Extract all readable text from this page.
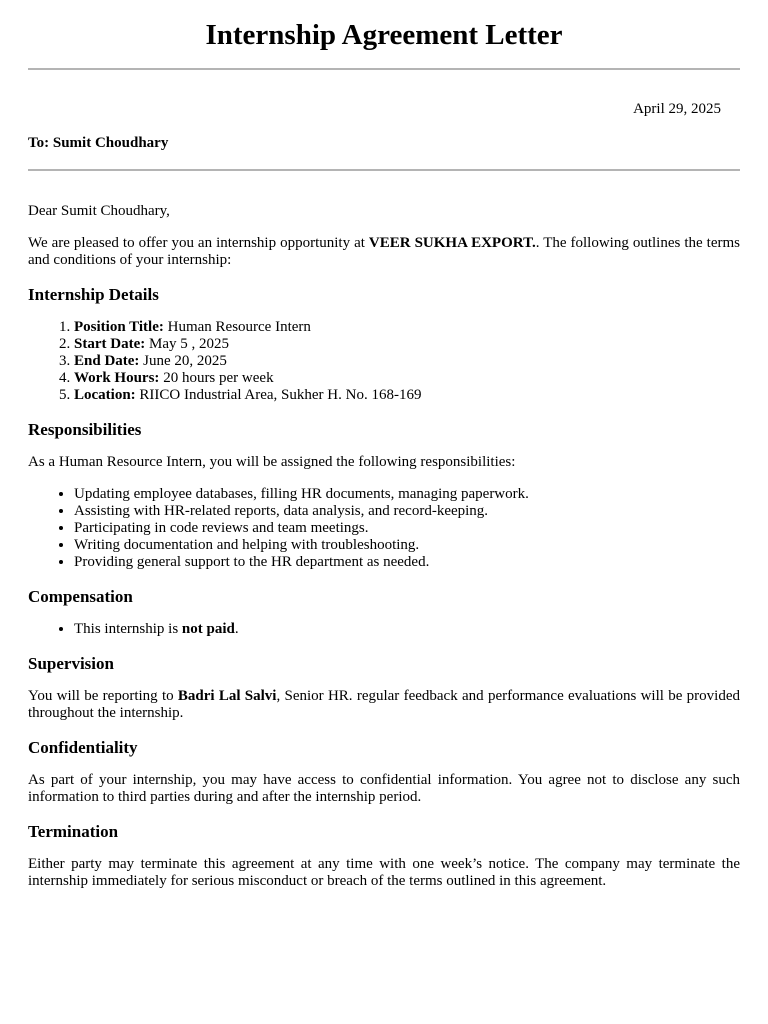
Internship Agreement Letter
April 29, 2025
To: Sumit Choudhary

Dear Sumit Choudhary,

We are pleased to offer you an internship opportunity at VEER SUKHA EXPORT.. The following outlines the terms and conditions of your internship:

Internship Details
1. Position Title: Human Resource Intern
2. Start Date: May 5 , 2025
3. End Date: June 20, 2025
4. Work Hours: 20 hours per week
5. Location: RIICO Industrial Area, Sukher H. No. 168-169
Responsibilities

As a Human Resource Intern, you will be assigned the following responsibilities:

• Updating employee databases, filling HR documents, managing paperwork.
• Assisting with HR-related reports, data analysis, and record-keeping.
• Participating in code reviews and team meetings.
• Writing documentation and helping with troubleshooting.
• Providing general support to the HR department as needed.
Compensation
• This internship is not paid.
Supervision

You will be reporting to Badri Lal Salvi, Senior HR. regular feedback and performance evaluations will be provided throughout the internship.

Confidentiality

As part of your internship, you may have access to confidential information. You agree not to disclose any such information to third parties during and after the internship period.

Termination

Either party may terminate this agreement at any time with one week’s notice. The company may terminate the internship immediately for serious misconduct or breach of the terms outlined in this agreement.
